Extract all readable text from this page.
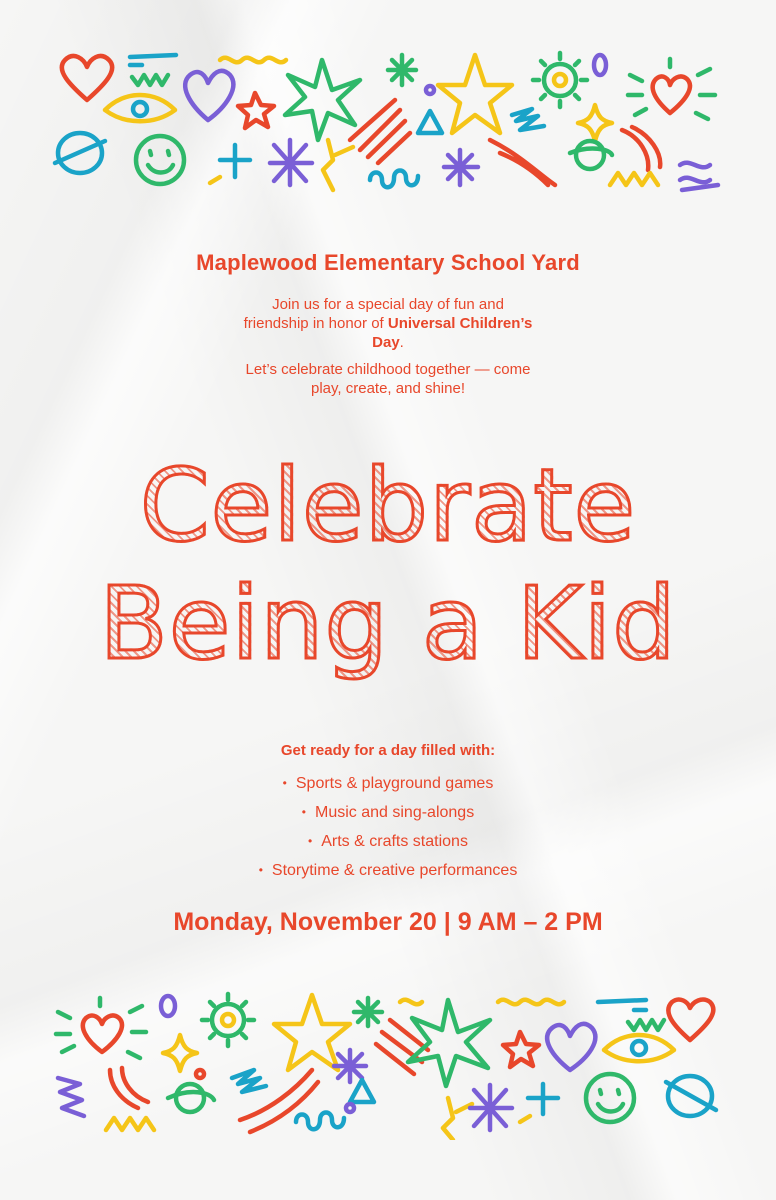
Maplewood Elementary School Yard

Join us for a special day of fun and friendship in honor of Universal Children’s Day.

Let’s celebrate childhood together — come play, create, and shine!

Celebrate
Being a Kid
Get ready for a day filled with:
• Sports & playground games
• Music and sing-alongs
• Arts & crafts stations
• Storytime & creative performances
Monday, November 20 | 9 AM – 2 PM
